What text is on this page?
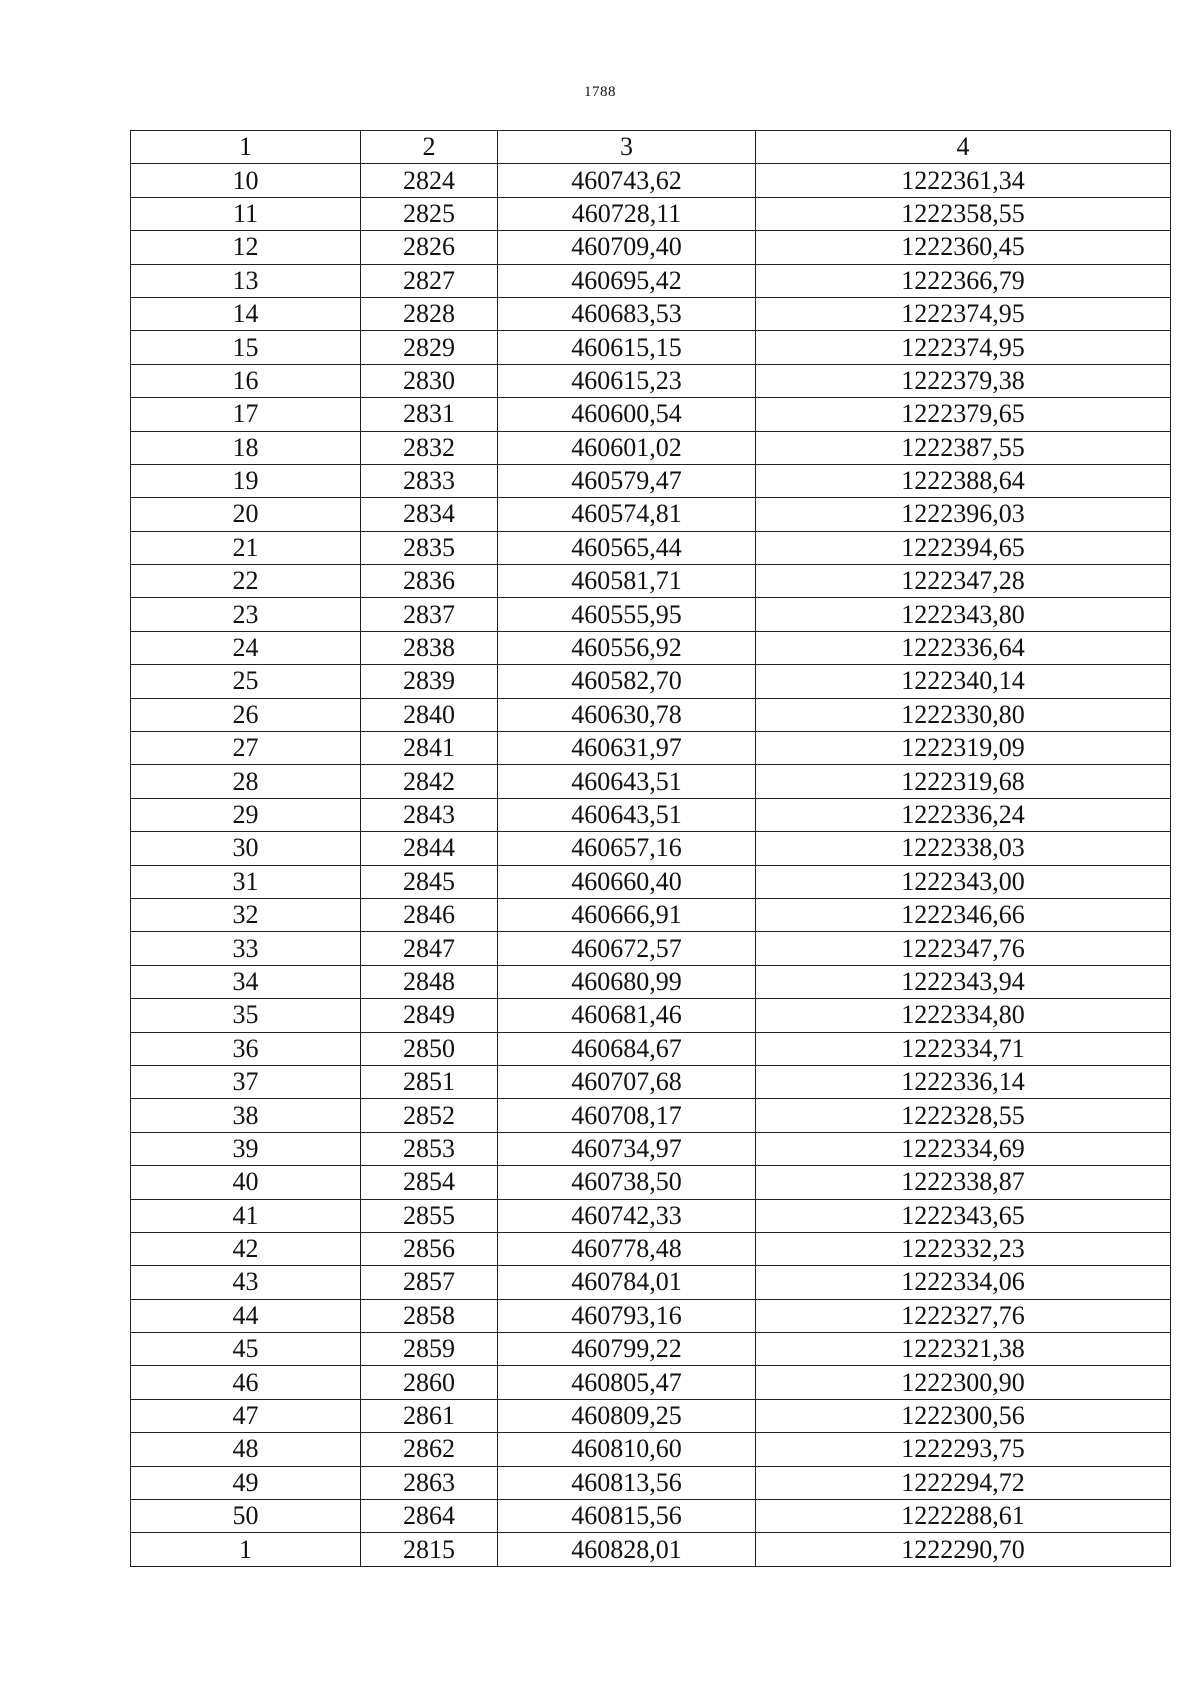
1788
1	2	3	4
10	2824	460743,62	1222361,34
11	2825	460728,11	1222358,55
12	2826	460709,40	1222360,45
13	2827	460695,42	1222366,79
14	2828	460683,53	1222374,95
15	2829	460615,15	1222374,95
16	2830	460615,23	1222379,38
17	2831	460600,54	1222379,65
18	2832	460601,02	1222387,55
19	2833	460579,47	1222388,64
20	2834	460574,81	1222396,03
21	2835	460565,44	1222394,65
22	2836	460581,71	1222347,28
23	2837	460555,95	1222343,80
24	2838	460556,92	1222336,64
25	2839	460582,70	1222340,14
26	2840	460630,78	1222330,80
27	2841	460631,97	1222319,09
28	2842	460643,51	1222319,68
29	2843	460643,51	1222336,24
30	2844	460657,16	1222338,03
31	2845	460660,40	1222343,00
32	2846	460666,91	1222346,66
33	2847	460672,57	1222347,76
34	2848	460680,99	1222343,94
35	2849	460681,46	1222334,80
36	2850	460684,67	1222334,71
37	2851	460707,68	1222336,14
38	2852	460708,17	1222328,55
39	2853	460734,97	1222334,69
40	2854	460738,50	1222338,87
41	2855	460742,33	1222343,65
42	2856	460778,48	1222332,23
43	2857	460784,01	1222334,06
44	2858	460793,16	1222327,76
45	2859	460799,22	1222321,38
46	2860	460805,47	1222300,90
47	2861	460809,25	1222300,56
48	2862	460810,60	1222293,75
49	2863	460813,56	1222294,72
50	2864	460815,56	1222288,61
1	2815	460828,01	1222290,70
